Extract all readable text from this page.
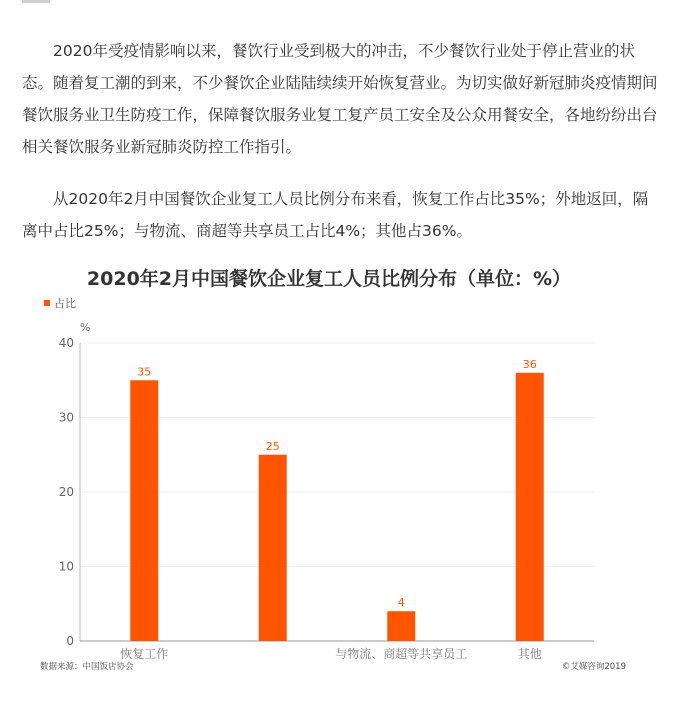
2020年受疫情影响以来，餐饮行业受到极大的冲击，不少餐饮行业处于停止营业的状态。随着复工潮的到来，不少餐饮企业陆陆续续开始恢复营业。为切实做好新冠肺炎疫情期间餐饮服务业卫生防疫工作，保障餐饮服务业复工复产员工安全及公众用餐安全，各地纷纷出台相关餐饮服务业新冠肺炎防控工作指引。

从2020年2月中国餐饮企业复工人员比例分布来看，恢复工作占比35%；外地返回，隔离中占比25%；与物流、商超等共享员工占比4%；其他占36%。

2020年2月中国餐饮企业复工人员比例分布（单位：%）
占比
%
0
10
20
30
40
35
25
4
36
恢复工作	与物流、商超等共享员工	其他
数据来源：中国饭店协会	©艾媒咨询2019
